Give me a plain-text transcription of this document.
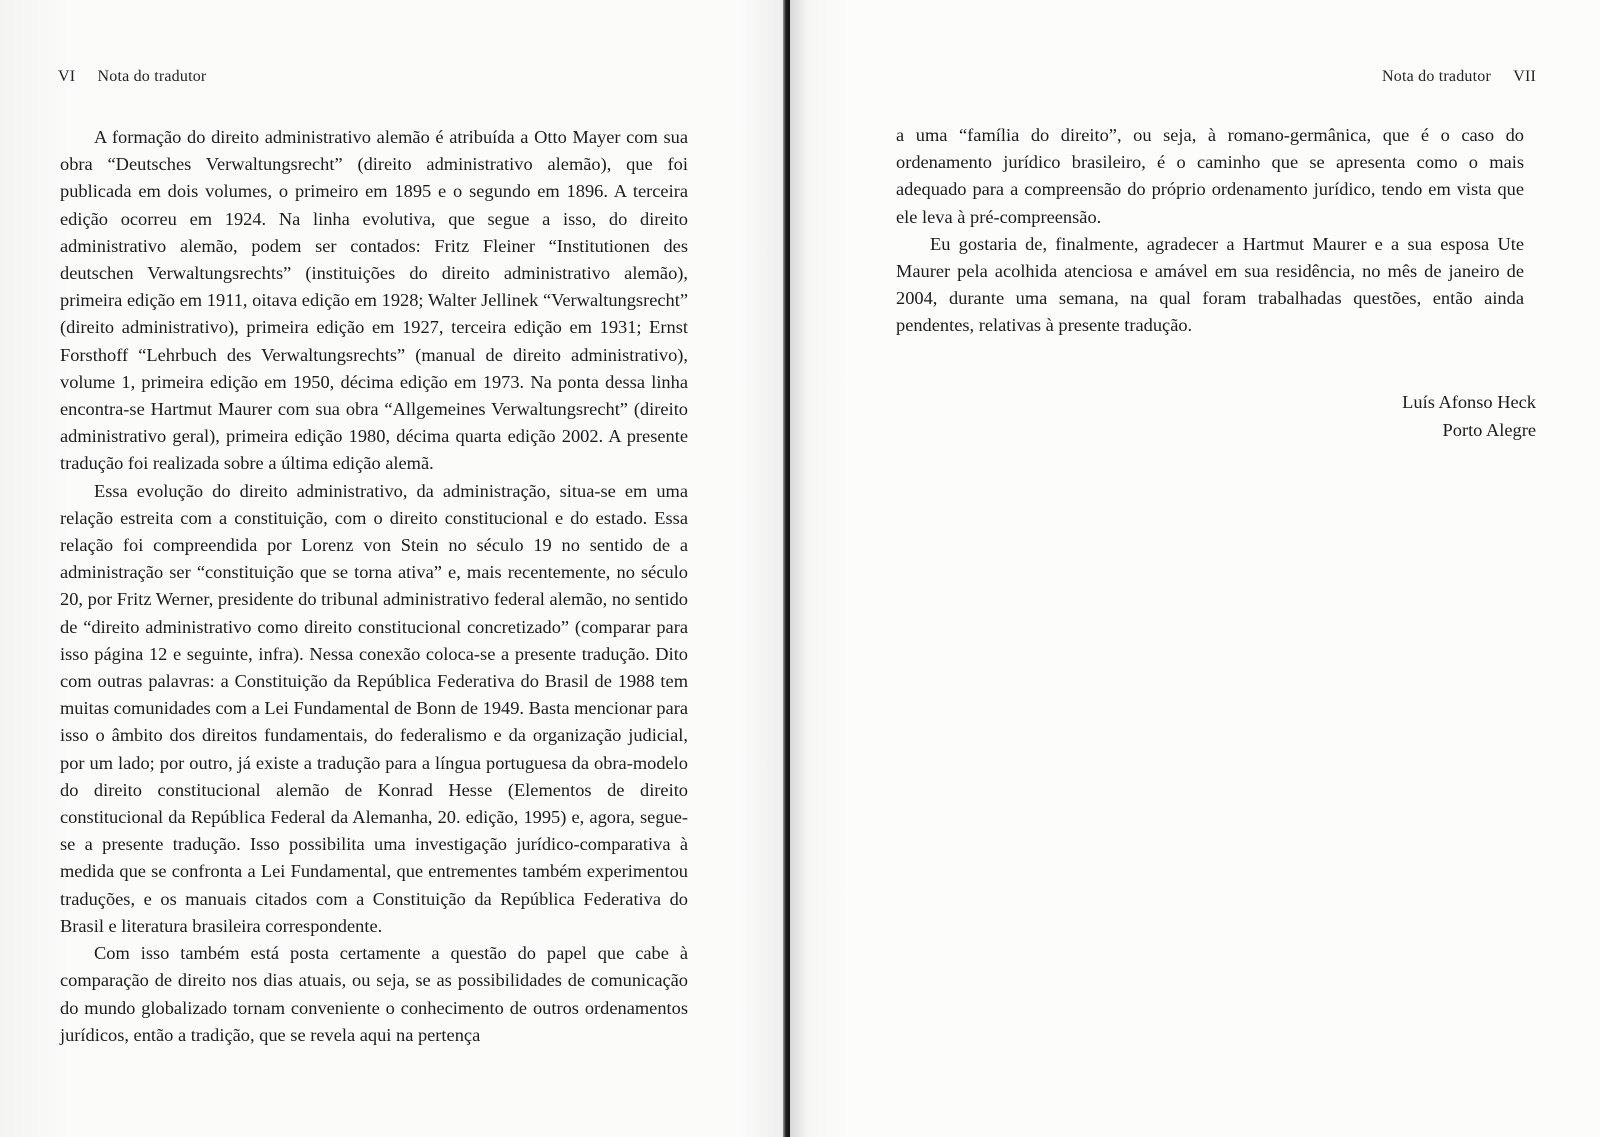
VI Nota do tradutor

A formação do direito administrativo alemão é atribuída a Otto Mayer com sua obra “Deutsches Verwaltungsrecht” (direito administrativo alemão), que foi publicada em dois volumes, o primeiro em 1895 e o segundo em 1896. A terceira edição ocorreu em 1924. Na linha evolutiva, que segue a isso, do direito administrativo alemão, podem ser contados: Fritz Fleiner “Institutionen des deutschen Verwaltungsrechts” (instituições do direito administrativo alemão), primeira edição em 1911, oitava edição em 1928; Walter Jellinek “Verwaltungsrecht” (direito administrativo), primeira edição em 1927, terceira edição em 1931; Ernst Forsthoff “Lehrbuch des Verwaltungsrechts” (manual de direito administrativo), volume 1, primeira edição em 1950, décima edição em 1973. Na ponta dessa linha encontra-se Hartmut Maurer com sua obra “Allgemeines Verwaltungsrecht” (direito administrativo geral), primeira edição 1980, décima quarta edição 2002. A presente tradução foi realizada sobre a última edição alemã.

Essa evolução do direito administrativo, da administração, situa-se em uma relação estreita com a constituição, com o direito constitucional e do estado. Essa relação foi compreendida por Lorenz von Stein no século 19 no sentido de a administração ser “constituição que se torna ativa” e, mais recentemente, no século 20, por Fritz Werner, presidente do tribunal administrativo federal alemão, no sentido de “direito administrativo como direito constitucional concretizado” (comparar para isso página 12 e seguinte, infra). Nessa conexão coloca-se a presente tradução. Dito com outras palavras: a Constituição da República Federativa do Brasil de 1988 tem muitas comunidades com a Lei Fundamental de Bonn de 1949. Basta mencionar para isso o âmbito dos direitos fundamentais, do federalismo e da organização judicial, por um lado; por outro, já existe a tradução para a língua portuguesa da obra-modelo do direito constitucional alemão de Konrad Hesse (Elementos de direito constitucional da República Federal da Alemanha, 20. edição, 1995) e, agora, segue-se a presente tradução. Isso possibilita uma investigação jurídico-comparativa à medida que se confronta a Lei Fundamental, que entrementes também experimentou traduções, e os manuais citados com a Constituição da República Federativa do Brasil e literatura brasileira correspondente.

Com isso também está posta certamente a questão do papel que cabe à comparação de direito nos dias atuais, ou seja, se as possibilidades de comunicação do mundo globalizado tornam conveniente o conhecimento de outros ordenamentos jurídicos, então a tradição, que se revela aqui na pertença

Nota do tradutor VII

a uma “família do direito”, ou seja, à romano-germânica, que é o caso do ordenamento jurídico brasileiro, é o caminho que se apresenta como o mais adequado para a compreensão do próprio ordenamento jurídico, tendo em vista que ele leva à pré-compreensão.

Eu gostaria de, finalmente, agradecer a Hartmut Maurer e a sua esposa Ute Maurer pela acolhida atenciosa e amável em sua residência, no mês de janeiro de 2004, durante uma semana, na qual foram trabalhadas questões, então ainda pendentes, relativas à presente tradução.

Luís Afonso Heck
Porto Alegre
